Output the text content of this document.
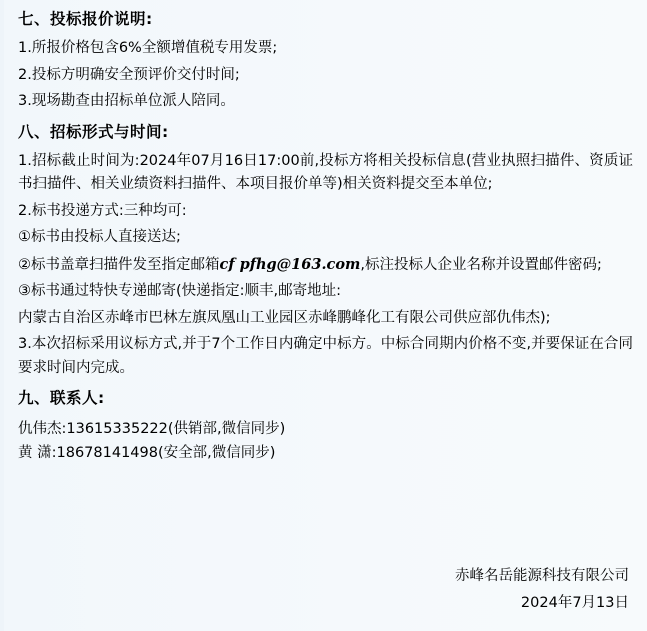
七、投标报价说明:

1.所报价格包含6%全额增值税专用发票;

2.投标方明确安全预评价交付时间;

3.现场勘查由招标单位派人陪同。

八、招标形式与时间:

1.招标截止时间为:2024年07月16日17:00前,投标方将相关投标信息(营业执照扫描件、资质证书扫描件、相关业绩资料扫描件、本项目报价单等)相关资料提交至本单位;

2.标书投递方式:三种均可:

①标书由投标人直接送达;

②标书盖章扫描件发至指定邮箱cf pfhg@163.com,标注投标人企业名称并设置邮件密码;

③标书通过特快专递邮寄(快递指定:顺丰,邮寄地址:

内蒙古自治区赤峰市巴林左旗凤凰山工业园区赤峰鹏峰化工有限公司供应部仇伟杰);

3.本次招标采用议标方式,并于7个工作日内确定中标方。中标合同期内价格不变,并要保证在合同要求时间内完成。

九、联系人:

仇伟杰:13615335222(供销部,微信同步)

黄 潇:18678141498(安全部,微信同步)

赤峰名岳能源科技有限公司
2024年7月13日
